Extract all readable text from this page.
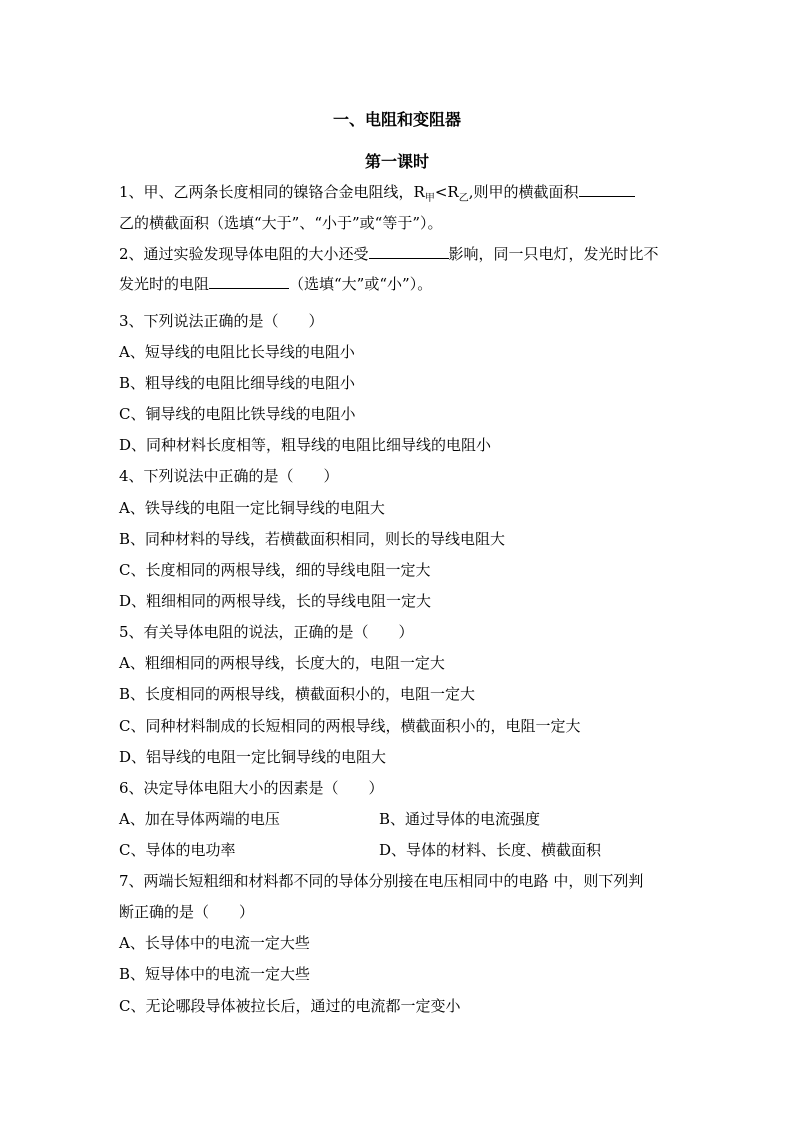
一、电阻和变阻器
第一课时
1、甲、乙两条长度相同的镍铬合金电阻线，$R_甲<R_乙$,则甲的横截面积
乙的横截面积（选填“大于”、“小于”或“等于”）。
2、通过实验发现导体电阻的大小还受	影响，同一只电灯，发光时比不
发光时的电阻	（选填“大”或“小”）。
3、下列说法正确的是（　　）
A、短导线的电阻比长导线的电阻小
B、粗导线的电阻比细导线的电阻小
C、铜导线的电阻比铁导线的电阻小
D、同种材料长度相等，粗导线的电阻比细导线的电阻小
4、下列说法中正确的是（　　）
A、铁导线的电阻一定比铜导线的电阻大
B、同种材料的导线，若横截面积相同，则长的导线电阻大
C、长度相同的两根导线，细的导线电阻一定大
D、粗细相同的两根导线，长的导线电阻一定大
5、有关导体电阻的说法，正确的是（　　）
A、粗细相同的两根导线，长度大的，电阻一定大
B、长度相同的两根导线，横截面积小的，电阻一定大
C、同种材料制成的长短相同的两根导线，横截面积小的，电阻一定大
D、铝导线的电阻一定比铜导线的电阻大
6、决定导体电阻大小的因素是（　　）
A、加在导体两端的电压	B、通过导体的电流强度
C、导体的电功率	D、导体的材料、长度、横截面积
7、两端长短粗细和材料都不同的导体分别接在电压相同中的电路 中，则下列判
断正确的是（　　）
A、长导体中的电流一定大些
B、短导体中的电流一定大些
C、无论哪段导体被拉长后，通过的电流都一定变小
